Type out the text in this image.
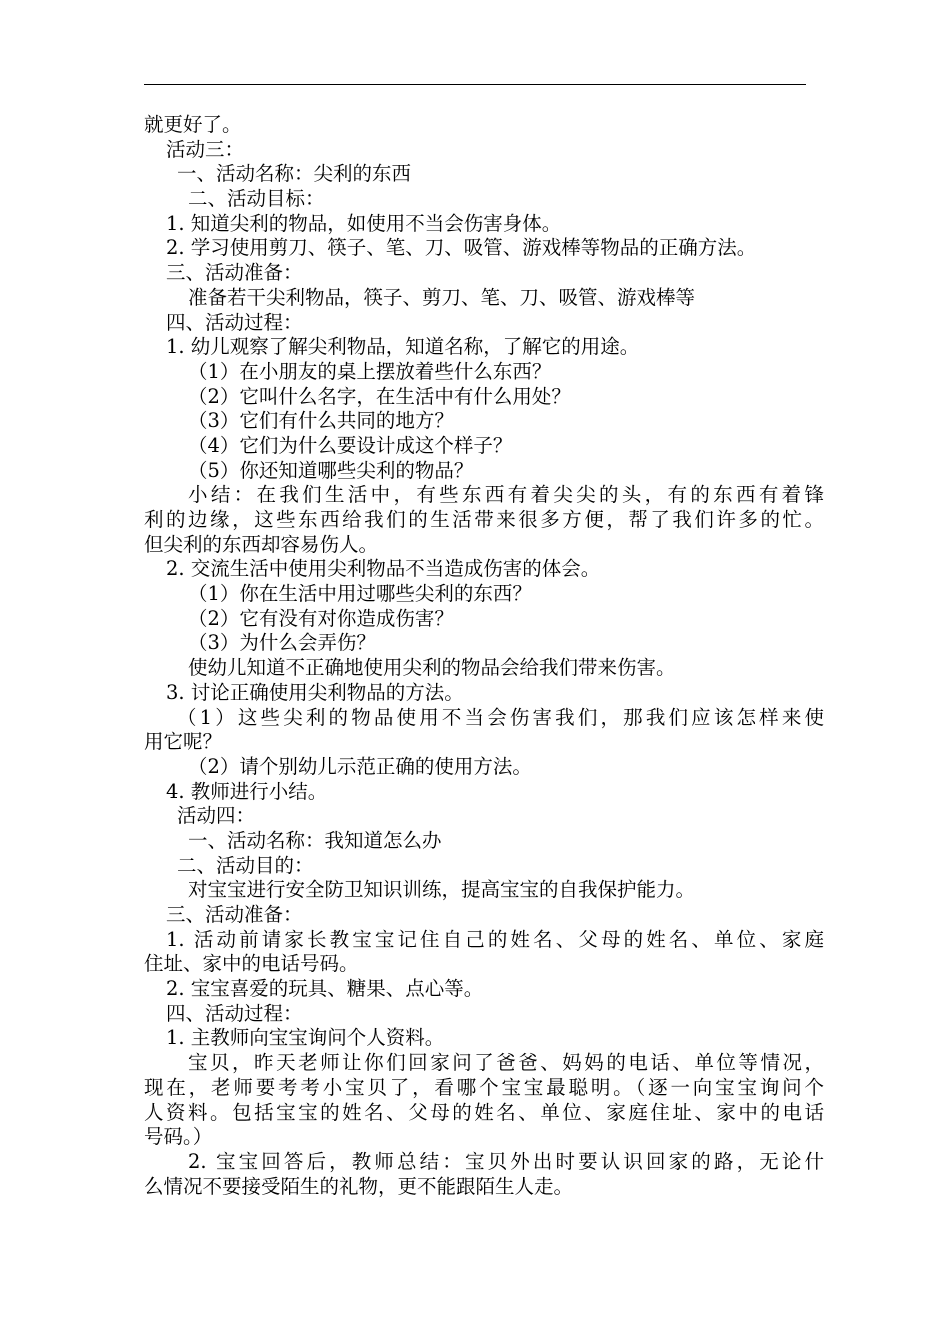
就更好了。
活动三：
一、活动名称：尖利的东西
二、活动目标：
1. 知道尖利的物品，如使用不当会伤害身体。
2. 学习使用剪刀、筷子、笔、刀、吸管、游戏棒等物品的正确方法。
三、活动准备：
准备若干尖利物品，筷子、剪刀、笔、刀、吸管、游戏棒等
四、活动过程：
1. 幼儿观察了解尖利物品，知道名称，了解它的用途。
（1）在小朋友的桌上摆放着些什么东西？
（2）它叫什么名字，在生活中有什么用处？
（3）它们有什么共同的地方？
（4）它们为什么要设计成这个样子？
（5）你还知道哪些尖利的物品？
小结：在我们生活中，有些东西有着尖尖的头，有的东西有着锋
利的边缘，这些东西给我们的生活带来很多方便，帮了我们许多的忙。
但尖利的东西却容易伤人。
2. 交流生活中使用尖利物品不当造成伤害的体会。
（1）你在生活中用过哪些尖利的东西？
（2）它有没有对你造成伤害？
（3）为什么会弄伤？
使幼儿知道不正确地使用尖利的物品会给我们带来伤害。
3. 讨论正确使用尖利物品的方法。
（1）这些尖利的物品使用不当会伤害我们，那我们应该怎样来使
用它呢？
（2）请个别幼儿示范正确的使用方法。
4. 教师进行小结。
活动四：
一、活动名称：我知道怎么办
二、活动目的：
对宝宝进行安全防卫知识训练，提高宝宝的自我保护能力。
三、活动准备：
1. 活动前请家长教宝宝记住自己的姓名、父母的姓名、单位、家庭
住址、家中的电话号码。
2. 宝宝喜爱的玩具、糖果、点心等。
四、活动过程：
1. 主教师向宝宝询问个人资料。
宝贝，昨天老师让你们回家问了爸爸、妈妈的电话、单位等情况，
现在，老师要考考小宝贝了，看哪个宝宝最聪明。（逐一向宝宝询问个
人资料。包括宝宝的姓名、父母的姓名、单位、家庭住址、家中的电话
号码。）
2. 宝宝回答后，教师总结：宝贝外出时要认识回家的路，无论什
么情况不要接受陌生的礼物，更不能跟陌生人走。
